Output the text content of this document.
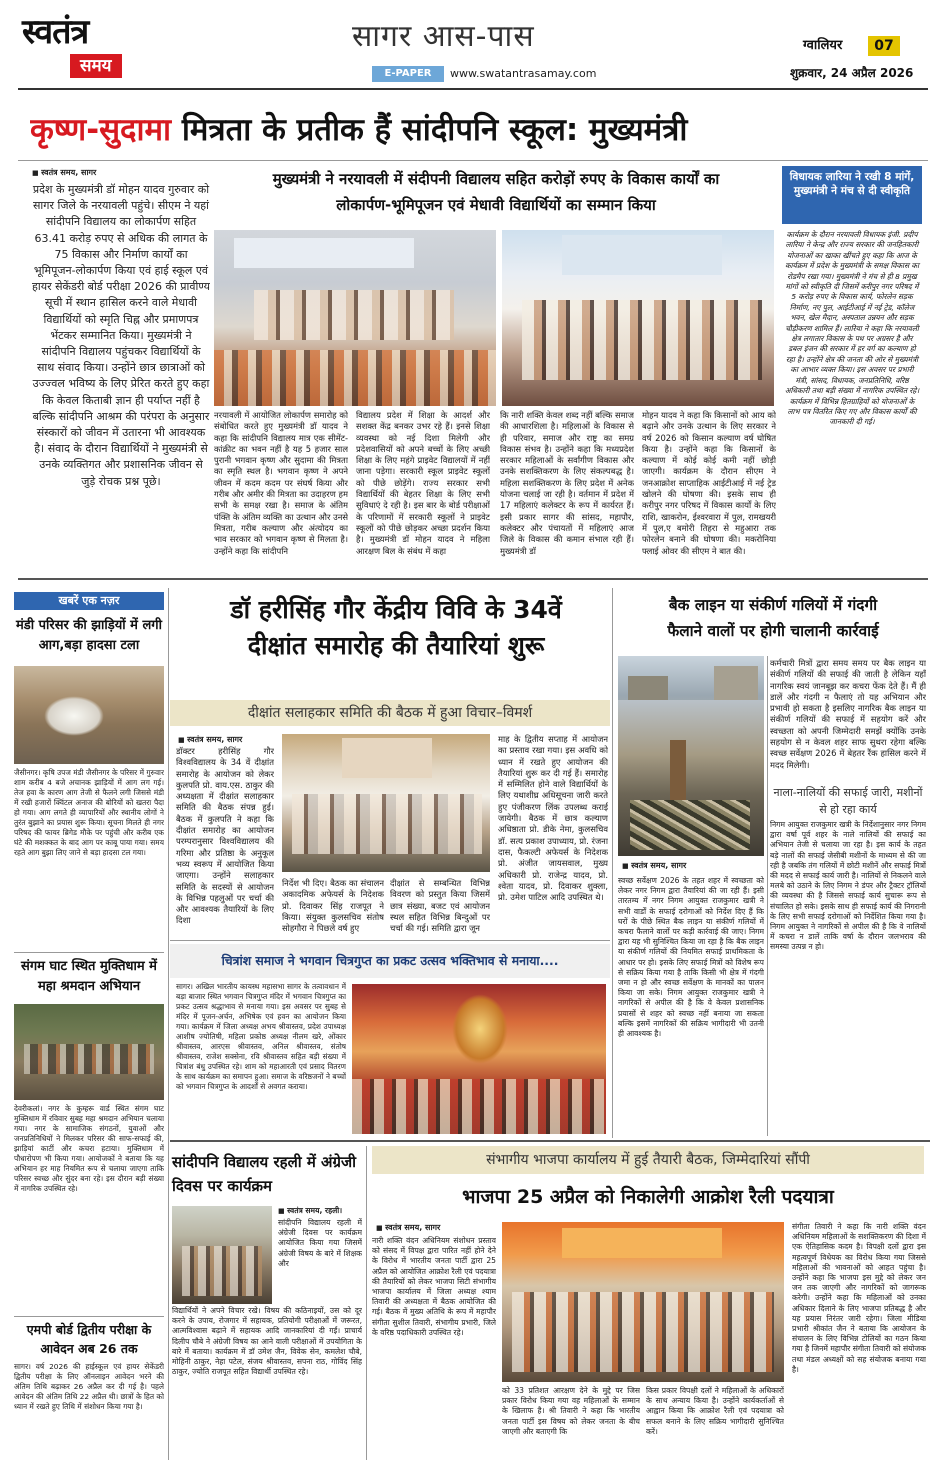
स्वतंत्र
समय
सागर आस-पास
E-PAPER	www.swatantrasamay.com
ग्वालियर	07
शुक्रवार, 24 अप्रैल 2026
कृष्ण-सुदामा मित्रता के प्रतीक हैं सांदीपनि स्कूल: मुख्यमंत्री
■ स्वतंत्र समय, सागर
प्रदेश के मुख्यमंत्री डॉ मोहन यादव गुरुवार को सागर जिले के नरयावली पहुंचे। सीएम ने यहां सांदीपनि विद्यालय का लोकार्पण सहित 63.41 करोड़ रुपए से अधिक की लागत के 75 विकास और निर्माण कार्यों का भूमिपूजन-लोकार्पण किया एवं हाई स्कूल एवं हायर सेकेंडरी बोर्ड परीक्षा 2026 की प्रावीण्य सूची में स्थान हासिल करने वाले मेधावी विद्यार्थियों को स्मृति चिह्न और प्रमाणपत्र भेंटकर सम्मानित किया। मुख्यमंत्री ने सांदीपनि विद्यालय पहुंचकर विद्यार्थियों के साथ संवाद किया। उन्होंने छात्र छात्राओं को उज्ज्वल भविष्य के लिए प्रेरित करते हुए कहा कि केवल किताबी ज्ञान ही पर्याप्त नहीं है बल्कि सांदीपनि आश्रम की परंपरा के अनुसार संस्कारों को जीवन में उतारना भी आवश्यक है। संवाद के दौरान विद्यार्थियों ने मुख्यमंत्री से उनके व्यक्तिगत और प्रशासनिक जीवन से जुड़े रोचक प्रश्न पूछे।
मुख्यमंत्री ने नरयावली में संदीपनी विद्यालय सहित करोड़ों रुपए के विकास कार्यों का
लोकार्पण-भूमिपूजन एवं मेधावी विद्यार्थियों का सम्मान किया
नरयावली में आयोजित लोकार्पण समारोह को संबोधित करते हुए मुख्यमंत्री डॉ यादव ने कहा कि सांदीपनि विद्यालय मात्र एक सीमेंट-कांक्रीट का भवन नहीं है यह 5 हजार साल पुरानी भगवान कृष्ण और सुदामा की मित्रता का स्मृति स्थल है। भगवान कृष्ण ने अपने जीवन में कदम कदम पर संघर्ष किया और गरीब और अमीर की मित्रता का उदाहरण हम सभी के समक्ष रखा है। समाज के अंतिम पंक्ति के अंतिम व्यक्ति का उत्थान और उनसे मित्रता, गरीब कल्याण और अंत्योदय का भाव सरकार को भगवान कृष्ण से मिलता है। उन्होंने कहा कि सांदीपनि
विद्यालय प्रदेश में शिक्षा के आदर्श और सशक्त केंद्र बनकर उभर रहे हैं। इनसे शिक्षा व्यवस्था को नई दिशा मिलेगी और प्रदेशवासियों को अपने बच्चों के लिए अच्छी शिक्षा के लिए महंगे प्राइवेट विद्यालयों में नहीं जाना पड़ेगा। सरकारी स्कूल प्राइवेट स्कूलों को पीछे छोड़ेंगे। राज्य सरकार सभी विद्यार्थियों की बेहतर शिक्षा के लिए सभी सुविधाएं दे रही है। इस बार के बोर्ड परीक्षाओं के परिणामों में सरकारी स्कूलों ने प्राइवेट स्कूलों को पीछे छोड़कर अच्छा प्रदर्शन किया है। मुख्यमंत्री डॉ मोहन यादव ने महिला आरक्षण बिल के संबंध में कहा
कि नारी शक्ति केवल शब्द नहीं बल्कि समाज की आधारशिला है। महिलाओं के विकास से ही परिवार, समाज और राष्ट्र का समग्र विकास संभव है। उन्होंने कहा कि मध्यप्रदेश सरकार महिलाओं के सर्वांगीण विकास और उनके सशक्तिकरण के लिए संकल्पबद्ध है। महिला सशक्तिकरण के लिए प्रदेश में अनेक योजना चलाई जा रही है। वर्तमान में प्रदेश में 17 महिलाएं कलेक्टर के रूप में कार्यरत हैं। इसी प्रकार सागर की सांसद, महापौर, कलेक्टर और पंचायतों में महिलाएं आज जिले के विकास की कमान संभाल रही हैं। मुख्यमंत्री डॉ
मोहन यादव ने कहा कि किसानों को आय को बढ़ाने और उनके उत्थान के लिए सरकार ने वर्ष 2026 को किसान कल्याण वर्ष घोषित किया है। उन्होंने कहा कि किसानों के कल्याण में कोई कोई कमी नहीं छोड़ी जाएगी। कार्यक्रम के दौरान सीएम ने जनआक्रोश साप्ताहिक आईटीआई में नई ट्रेड खोलने की घोषणा की। इसके साथ ही करीपुर नगर परिषद में विकास कार्यों के लिए राशि, खाकरोन, ईश्वरवारा में पुल, रामखयरी में पुल,ए बमोरी तिहरा से महुआरा तक फोरलेन बनाने की घोषणा की। मकरोनिया फ्लाई ओवर की सीएम ने बात की।
विधायक लारिया ने रखी 8 मांगें, मुख्यमंत्री ने मंच से दी स्वीकृति
कार्यक्रम के दौरान नरयावली विधायक इंजी. प्रदीप लारिया ने केन्द्र और राज्य सरकार की जनहितकारी योजनाओं का खाका खींचते हुए कहा कि आज के कार्यक्रम में प्रदेश के मुख्यमंत्री के समक्ष विकास का रोडमैप रखा गया। मुख्यमंत्री ने मंच से ही 8 प्रमुख मांगों को स्वीकृति दी जिसमें करीपुर नगर परिषद में 5 करोड़ रुपए के विकास कार्य, फोरलेन सड़क निर्माण, नए पुल, आईटीआई में नई ट्रेड, कॉलेज भवन, खेल मैदान, अस्पताल उन्नयन और सड़क चौड़ीकरण शामिल हैं। लारिया ने कहा कि नरयावली क्षेत्र लगातार विकास के पथ पर अग्रसर है और डबल इंजन की सरकार में हर वर्ग का कल्याण हो रहा है। उन्होंने क्षेत्र की जनता की ओर से मुख्यमंत्री का आभार व्यक्त किया। इस अवसर पर प्रभारी मंत्री, सांसद, विधायक, जनप्रतिनिधि, वरिष्ठ अधिकारी तथा बड़ी संख्या में नागरिक उपस्थित रहे। कार्यक्रम में विभिन्न हितग्राहियों को योजनाओं के लाभ पत्र वितरित किए गए और विकास कार्यों की जानकारी दी गई।
खबरें एक नज़र
मंडी परिसर की झाड़ियों में लगी आग,बड़ा हादसा टला
जैसीनगर। कृषि उपज मंडी जैसीनगर के परिसर में गुरुवार शाम करीब 4 बजे अचानक झाड़ियों में आग लग गई। तेज हवा के कारण आग तेजी से फैलने लगी जिससे मंडी में रखी हजारों क्विंटल अनाज की बोरियों को खतरा पैदा हो गया। आग लगते ही व्यापारियों और स्थानीय लोगों ने तुरंत बुझाने का प्रयास शुरू किया। सूचना मिलते ही नगर परिषद की फायर ब्रिगेड मौके पर पहुंची और करीब एक घंटे की मशक्कत के बाद आग पर काबू पाया गया। समय रहते आग बुझा लिए जाने से बड़ा हादसा टल गया।
संगम घाट स्थित मुक्तिधाम में महा श्रमदान अभियान
देवरीकलां। नगर के कुम्हरू वार्ड स्थित संगम घाट मुक्तिधाम में रविवार सुबह महा श्रमदान अभियान चलाया गया। नगर के सामाजिक संगठनों, युवाओं और जनप्रतिनिधियों ने मिलकर परिसर की साफ-सफाई की, झाड़ियां काटीं और कचरा हटाया। मुक्तिधाम में पौधारोपण भी किया गया। आयोजकों ने बताया कि यह अभियान हर माह नियमित रूप से चलाया जाएगा ताकि परिसर स्वच्छ और सुंदर बना रहे। इस दौरान बड़ी संख्या में नागरिक उपस्थित रहे।
एमपी बोर्ड द्वितीय परीक्षा के आवेदन अब 26 तक
सागर। वर्ष 2026 की हाईस्कूल एवं हायर सेकेंडरी द्वितीय परीक्षा के लिए ऑनलाइन आवेदन भरने की अंतिम तिथि बढ़ाकर 26 अप्रैल कर दी गई है। पहले आवेदन की अंतिम तिथि 22 अप्रैल थी। छात्रों के हित को ध्यान में रखते हुए तिथि में संशोधन किया गया है।
डॉ हरीसिंह गौर केंद्रीय विवि के 34वें
दीक्षांत समारोह की तैयारियां शुरू
दीक्षांत सलाहकार समिति की बैठक में हुआ विचार–विमर्श
■ स्वतंत्र समय, सागर
डॉक्टर हरीसिंह गौर विश्वविद्यालय के 34 वें दीक्षांत समारोह के आयोजन को लेकर कुलपति प्रो. वाय.एस. ठाकुर की अध्यक्षता में दीक्षांत सलाहकार समिति की बैठक संपन्न हुई। बैठक में कुलपति ने कहा कि दीक्षांत समारोह का आयोजन परम्परानुसार विश्वविद्यालय की गरिमा और प्रतिष्ठा के अनुकूल भव्य स्वरूप में आयोजित किया जाएगा। उन्होंने सलाहकार समिति के सदस्यों से आयोजन के विभिन्न पहलुओं पर चर्चा की और आवश्यक तैयारियों के लिए दिशा
निर्देश भी दिए। बैठक का संचालन अकादमिक अफेयर्स के निदेशक प्रो. दिवाकर सिंह राजपूत ने किया। संयुक्त कुलसचिव संतोष सोहगौरा ने पिछले वर्ष हुए
दीक्षांत से सम्बन्धित विभिन्न विवरण को प्रस्तुत किया जिसमें छात्र संख्या, बजट एवं आयोजन स्थल सहित विभिन्न बिन्दुओं पर चर्चा की गई। समिति द्वारा जून
माह के द्वितीय सप्ताह में आयोजन का प्रस्ताव रखा गया। इस अवधि को ध्यान में रखते हुए आयोजन की तैयारियां शुरू कर दी गई हैं। समारोह में सम्मिलित होने वाले विद्यार्थियों के लिए यथाशीघ्र अधिसूचना जारी करते हुए पंजीकरण लिंक उपलब्ध कराई जायेगी। बैठक में छात्र कल्याण अधिष्ठाता प्रो. डीके नेमा, कुलसचिव डॉ. सत्य प्रकाश उपाध्याय, प्रो. रंजना दास, फैकल्टी अफेयर्स के निदेशक प्रो. अंजीत जायसवाल, मुख्य अधिकारी प्रो. राजेन्द्र यादव, प्रो. श्वेता यादव, प्रो. दिवाकर शुक्ला, प्रो. उमेश पाटिल आदि उपस्थित थे।
चित्रांश समाज ने भगवान चित्रगुप्त का प्रकट उत्सव भक्तिभाव से मनाया....
सागर। अखिल भारतीय कायस्थ महासभा सागर के तत्वावधान में बड़ा बाजार स्थित भगवान चित्रगुप्त मंदिर में भगवान चित्रगुप्त का प्रकट उत्सव श्रद्धाभाव से मनाया गया। इस अवसर पर सुबह से मंदिर में पूजन-अर्चन, अभिषेक एवं हवन का आयोजन किया गया। कार्यक्रम में जिला अध्यक्ष अभय श्रीवास्तव, प्रदेश उपाध्यक्ष आशीष ज्योतिषी, महिला प्रकोष्ठ अध्यक्ष नीलम खरे, ओंकार श्रीवास्तव, आरएस श्रीवास्तव, अनिल श्रीवास्तव, संतोष श्रीवास्तव, राजेश सक्सेना, रवि श्रीवास्तव सहित बड़ी संख्या में चित्रांश बंधु उपस्थित रहे। शाम को महाआरती एवं प्रसाद वितरण के साथ कार्यक्रम का समापन हुआ। समाज के वरिष्ठजनों ने बच्चों को भगवान चित्रगुप्त के आदर्शों से अवगत कराया।
बैक लाइन या संकीर्ण गलियों में गंदगी
फैलाने वालों पर होगी चालानी कार्रवाई
कर्मचारी मित्रों द्वारा समय समय पर बैक लाइन या संकीर्ण गलियों की सफाई की जाती है लेकिन यहाँ नागरिक स्वयं जानबूझ कर कचरा फेंक देते हैं। मैं ही डालें और गंदगी न फैलाएं तो यह अभियान और प्रभावी हो सकता है इसलिए नागरिक बैक लाइन या संकीर्ण गलियों की सफाई में सहयोग करें और स्वच्छता को अपनी जिम्मेदारी समझें क्योंकि उनके सहयोग से न केवल शहर साफ सुथरा रहेगा बल्कि स्वच्छ सर्वेक्षण 2026 में बेहतर रैंक हासिल करने में मदद मिलेगी।
नाला-नालियों की सफाई जारी, मशीनों से हो रहा कार्य
■ स्वतंत्र समय, सागर
स्वच्छ सर्वेक्षण 2026 के तहत शहर में स्वच्छता को लेकर नगर निगम द्वारा तैयारियां की जा रही हैं। इसी तारतम्य में नगर निगम आयुक्त राजकुमार खत्री ने सभी वार्डों के सफाई दरोगाओं को निर्देश दिए हैं कि घरों के पीछे स्थित बैक लाइन या संकीर्ण गलियों में कचरा फैलाने वालों पर कड़ी कार्रवाई की जाए। निगम द्वारा यह भी सुनिश्चित किया जा रहा है कि बैक लाइन या संकीर्ण गलियों की नियमित सफाई प्राथमिकता के आधार पर हो। इसके लिए सफाई मित्रों को विशेष रूप से सक्रिय किया गया है ताकि किसी भी क्षेत्र में गंदगी जमा न हो और स्वच्छ सर्वेक्षण के मानकों का पालन किया जा सके। निगम आयुक्त राजकुमार खत्री ने नागरिकों से अपील की है कि वे केवल प्रशासनिक प्रयासों से शहर को स्वच्छ नहीं बनाया जा सकता बल्कि इसमें नागरिकों की सक्रिय भागीदारी भी उतनी ही आवश्यक है।
निगम आयुक्त राजकुमार खत्री के निर्देशानुसार नगर निगम द्वारा वर्षा पूर्व शहर के नाले नालियों की सफाई का अभियान तेजी से चलाया जा रहा है। इस कार्य के तहत बड़े नालों की सफाई जेसीबी मशीनों के माध्यम से की जा रही है जबकि तंग गलियों में छोटी मशीनें और सफाई मित्रों की मदद से सफाई कार्य जारी है। नालियों से निकलने वाले मलबे को उठाने के लिए निगम ने डंपर और ट्रैक्टर ट्रॉलियों की व्यवस्था की है जिससे सफाई कार्य सुचारू रूप से संचालित हो सके। इसके साथ ही सफाई कार्य की निगरानी के लिए सभी सफाई दरोगाओं को निर्देशित किया गया है। निगम आयुक्त ने नागरिकों से अपील की है कि वे नालियों में कचरा न डालें ताकि वर्षा के दौरान जलभराव की समस्या उत्पन्न न हो।
सांदीपनि विद्यालय रहली में अंग्रेजी दिवस पर कार्यक्रम
■ स्वतंत्र समय, रहली।
सांदीपनि विद्यालय रहली में अंग्रेजी दिवस पर कार्यक्रम आयोजित किया गया जिसमें अंग्रेजी विषय के बारे में शिक्षक और
विद्यार्थियों ने अपने विचार रखे। विषय की कठिनाइयों, उस को दूर करने के उपाय, रोजगार में सहायक, प्रतियोगी परीक्षाओं में जरूरत, आत्मविश्वास बढ़ाने में सहायक आदि जानकारियां दी गईं। प्राचार्य दिलीप चौबे ने अंग्रेजी विषय का आने वाली परीक्षाओं में उपयोगिता के बारे में बताया। कार्यक्रम में डॉ उमेश जैन, विवेक सेन, कमलेश चौबे, मोहिनी ठाकुर, नेहा पटेल, संजय श्रीवास्तव, सपना राठ, गोविंद सिंह ठाकुर, ज्योति राजपूत सहित विद्यार्थी उपस्थित रहे।
संभागीय भाजपा कार्यालय में हुई तैयारी बैठक, जिम्मेदारियां सौंपी
भाजपा 25 अप्रैल को निकालेगी आक्रोश रैली पदयात्रा
■ स्वतंत्र समय, सागर
नारी शक्ति वंदन अधिनियम संशोधन प्रस्ताव को संसद में विपक्ष द्वारा पारित नहीं होने देने के विरोध में भारतीय जनता पार्टी द्वारा 25 अप्रैल को आयोजित आक्रोश रैली एवं पदयात्रा की तैयारियों को लेकर भाजपा सिटी संभागीय भाजपा कार्यालय में जिला अध्यक्ष श्याम तिवारी की अध्यक्षता में बैठक आयोजित की गई। बैठक में मुख्य अतिथि के रूप में महापौर संगीता सुशील तिवारी, संभागीय प्रभारी, जिले के वरिष्ठ पदाधिकारी उपस्थित रहे।
को 33 प्रतिशत आरक्षण देने के मुद्दे पर जिस प्रकार विरोध किया गया वह महिलाओं के सम्मान के खिलाफ है। श्री तिवारी ने कहा कि भारतीय जनता पार्टी इस विषय को लेकर जनता के बीच जाएगी और बताएगी कि
किस प्रकार विपक्षी दलों ने महिलाओं के अधिकारों के साथ अन्याय किया है। उन्होंने कार्यकर्ताओं से आह्वान किया कि आक्रोश रैली एवं पदयात्रा को सफल बनाने के लिए सक्रिय भागीदारी सुनिश्चित करें।
संगीता तिवारी ने कहा कि नारी शक्ति वंदन अधिनियम महिलाओं के सशक्तिकरण की दिशा में एक ऐतिहासिक कदम है। विपक्षी दलों द्वारा इस महत्वपूर्ण विधेयक का विरोध किया गया जिससे महिलाओं की भावनाओं को आहत पहुंचा है। उन्होंने कहा कि भाजपा इस मुद्दे को लेकर जन जन तक जाएगी और नागरिकों को जागरूक करेगी। उन्होंने कहा कि महिलाओं को उनका अधिकार दिलाने के लिए भाजपा प्रतिबद्ध है और यह प्रयास निरंतर जारी रहेगा। जिला मीडिया प्रभारी श्रीकांत जैन ने बताया कि आयोजन के संचालन के लिए विभिन्न टोलियों का गठन किया गया है जिनमें महापौर संगीता तिवारी को संयोजक तथा मंडल अध्यक्षों को सह संयोजक बनाया गया है।
